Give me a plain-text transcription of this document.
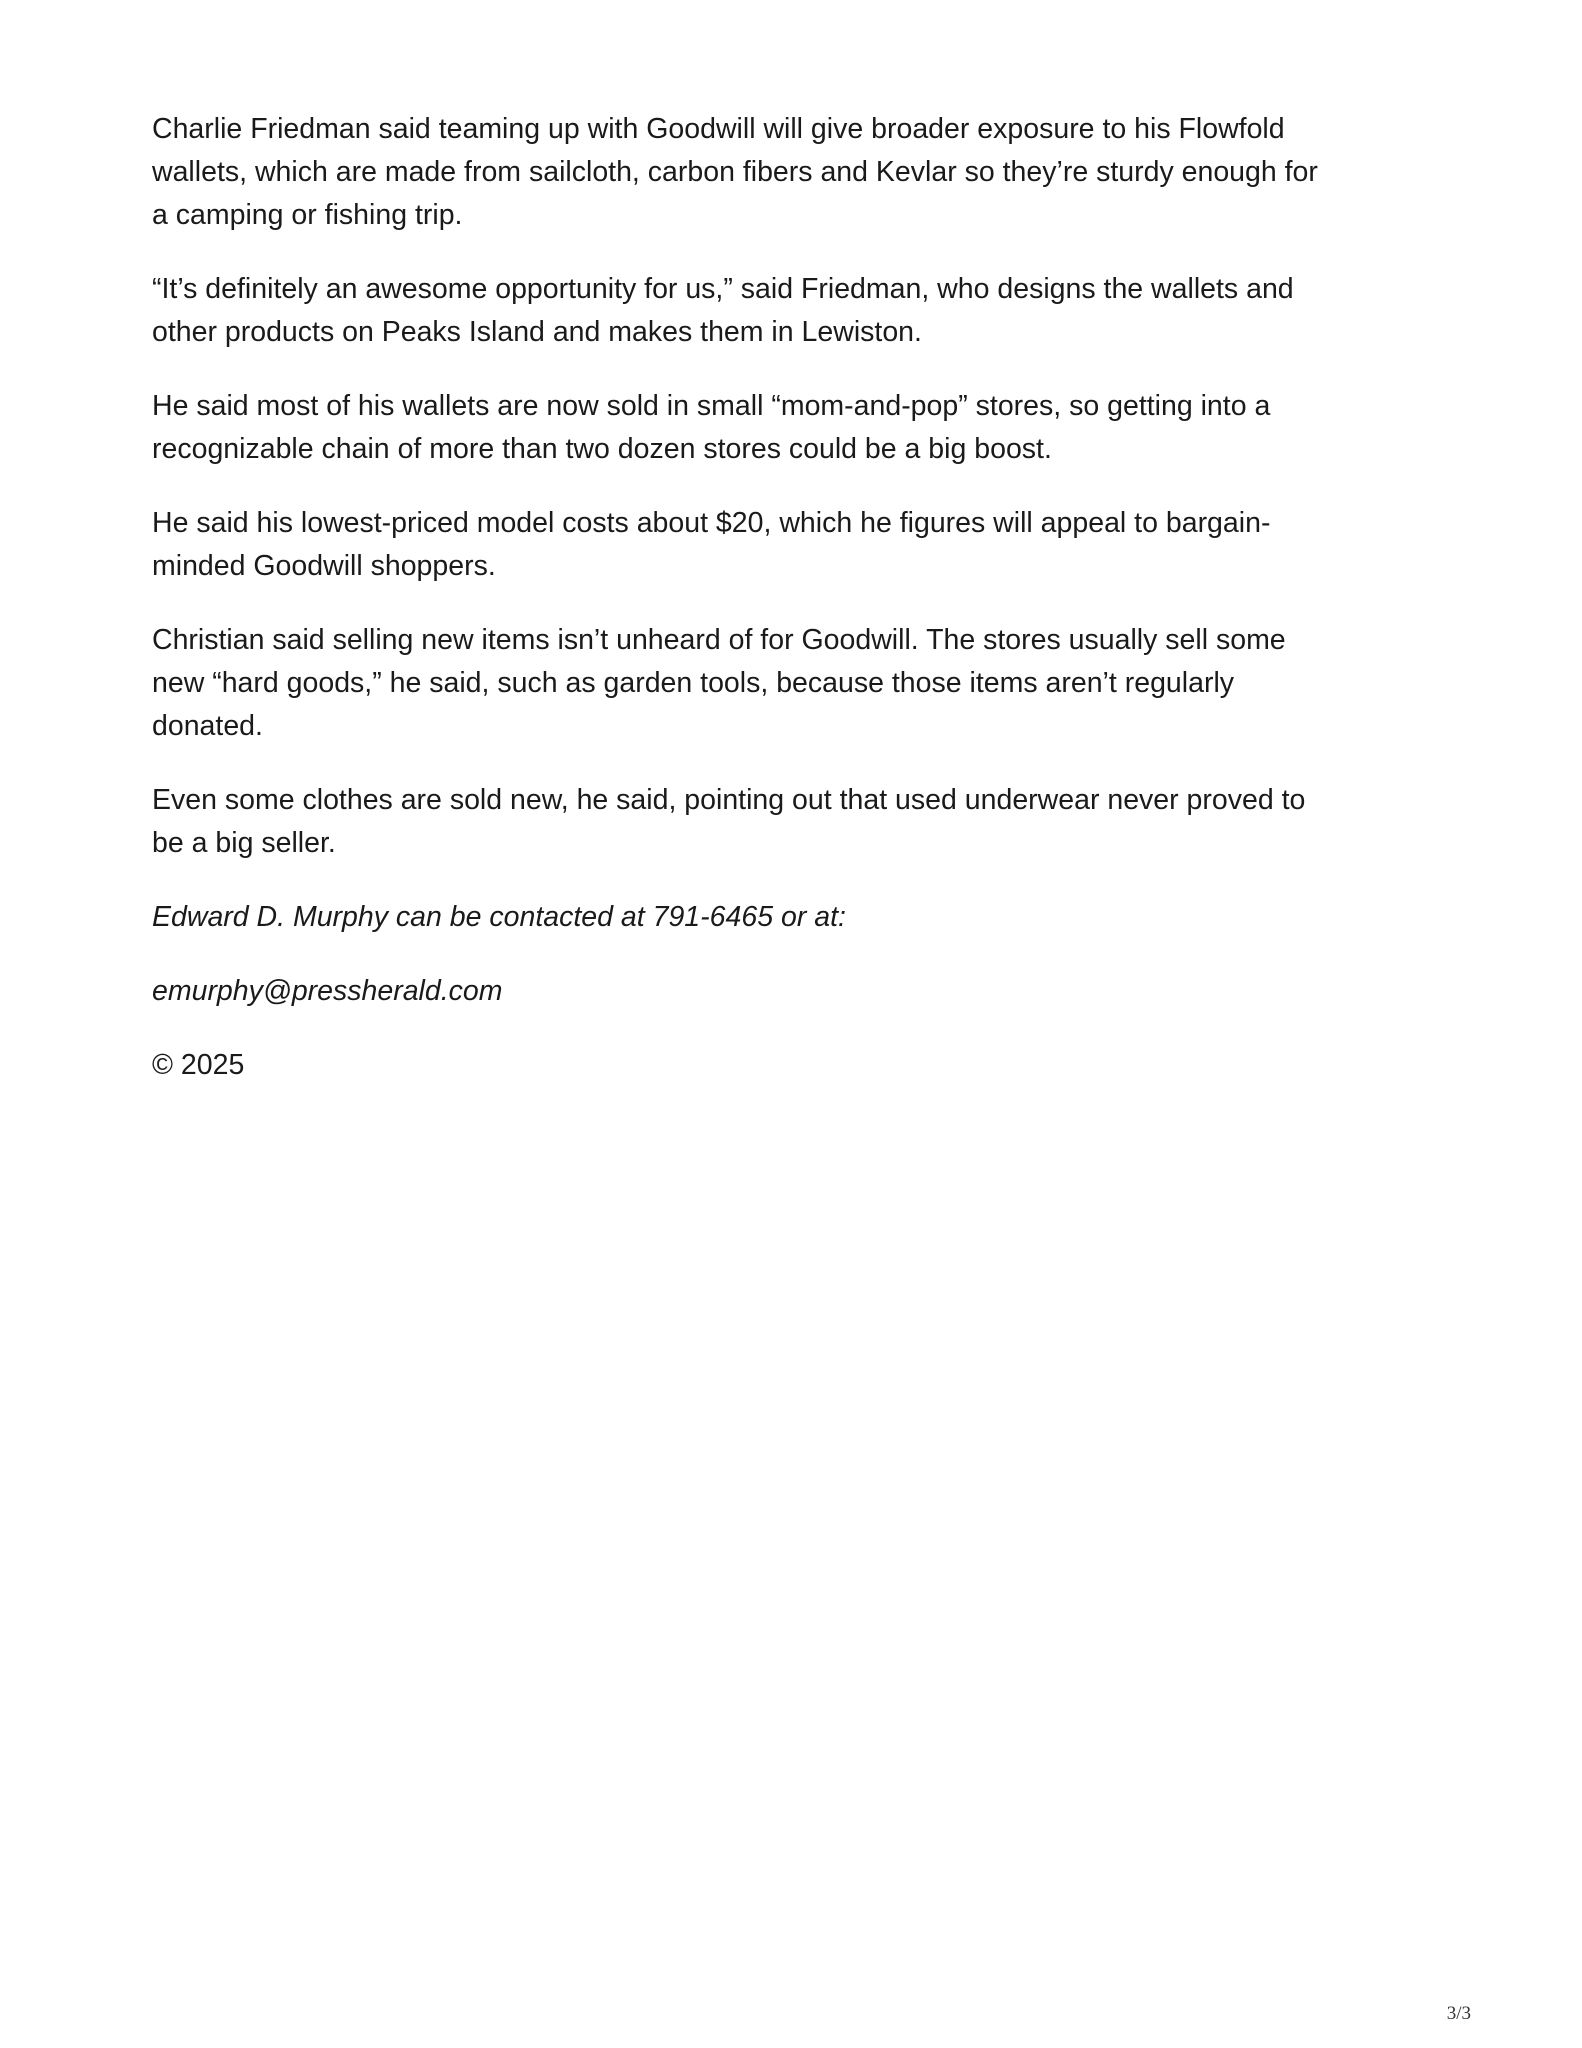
Charlie Friedman said teaming up with Goodwill will give broader exposure to his Flowfold
wallets, which are made from sailcloth, carbon fibers and Kevlar so they’re sturdy enough for
a camping or fishing trip.

“It’s definitely an awesome opportunity for us,” said Friedman, who designs the wallets and
other products on Peaks Island and makes them in Lewiston.

He said most of his wallets are now sold in small “mom-and-pop” stores, so getting into a
recognizable chain of more than two dozen stores could be a big boost.

He said his lowest-priced model costs about $20, which he figures will appeal to bargain-
minded Goodwill shoppers.

Christian said selling new items isn’t unheard of for Goodwill. The stores usually sell some
new “hard goods,” he said, such as garden tools, because those items aren’t regularly
donated.

Even some clothes are sold new, he said, pointing out that used underwear never proved to
be a big seller.

Edward D. Murphy can be contacted at 791-6465 or at:

emurphy@pressherald.com

© 2025

3/3
